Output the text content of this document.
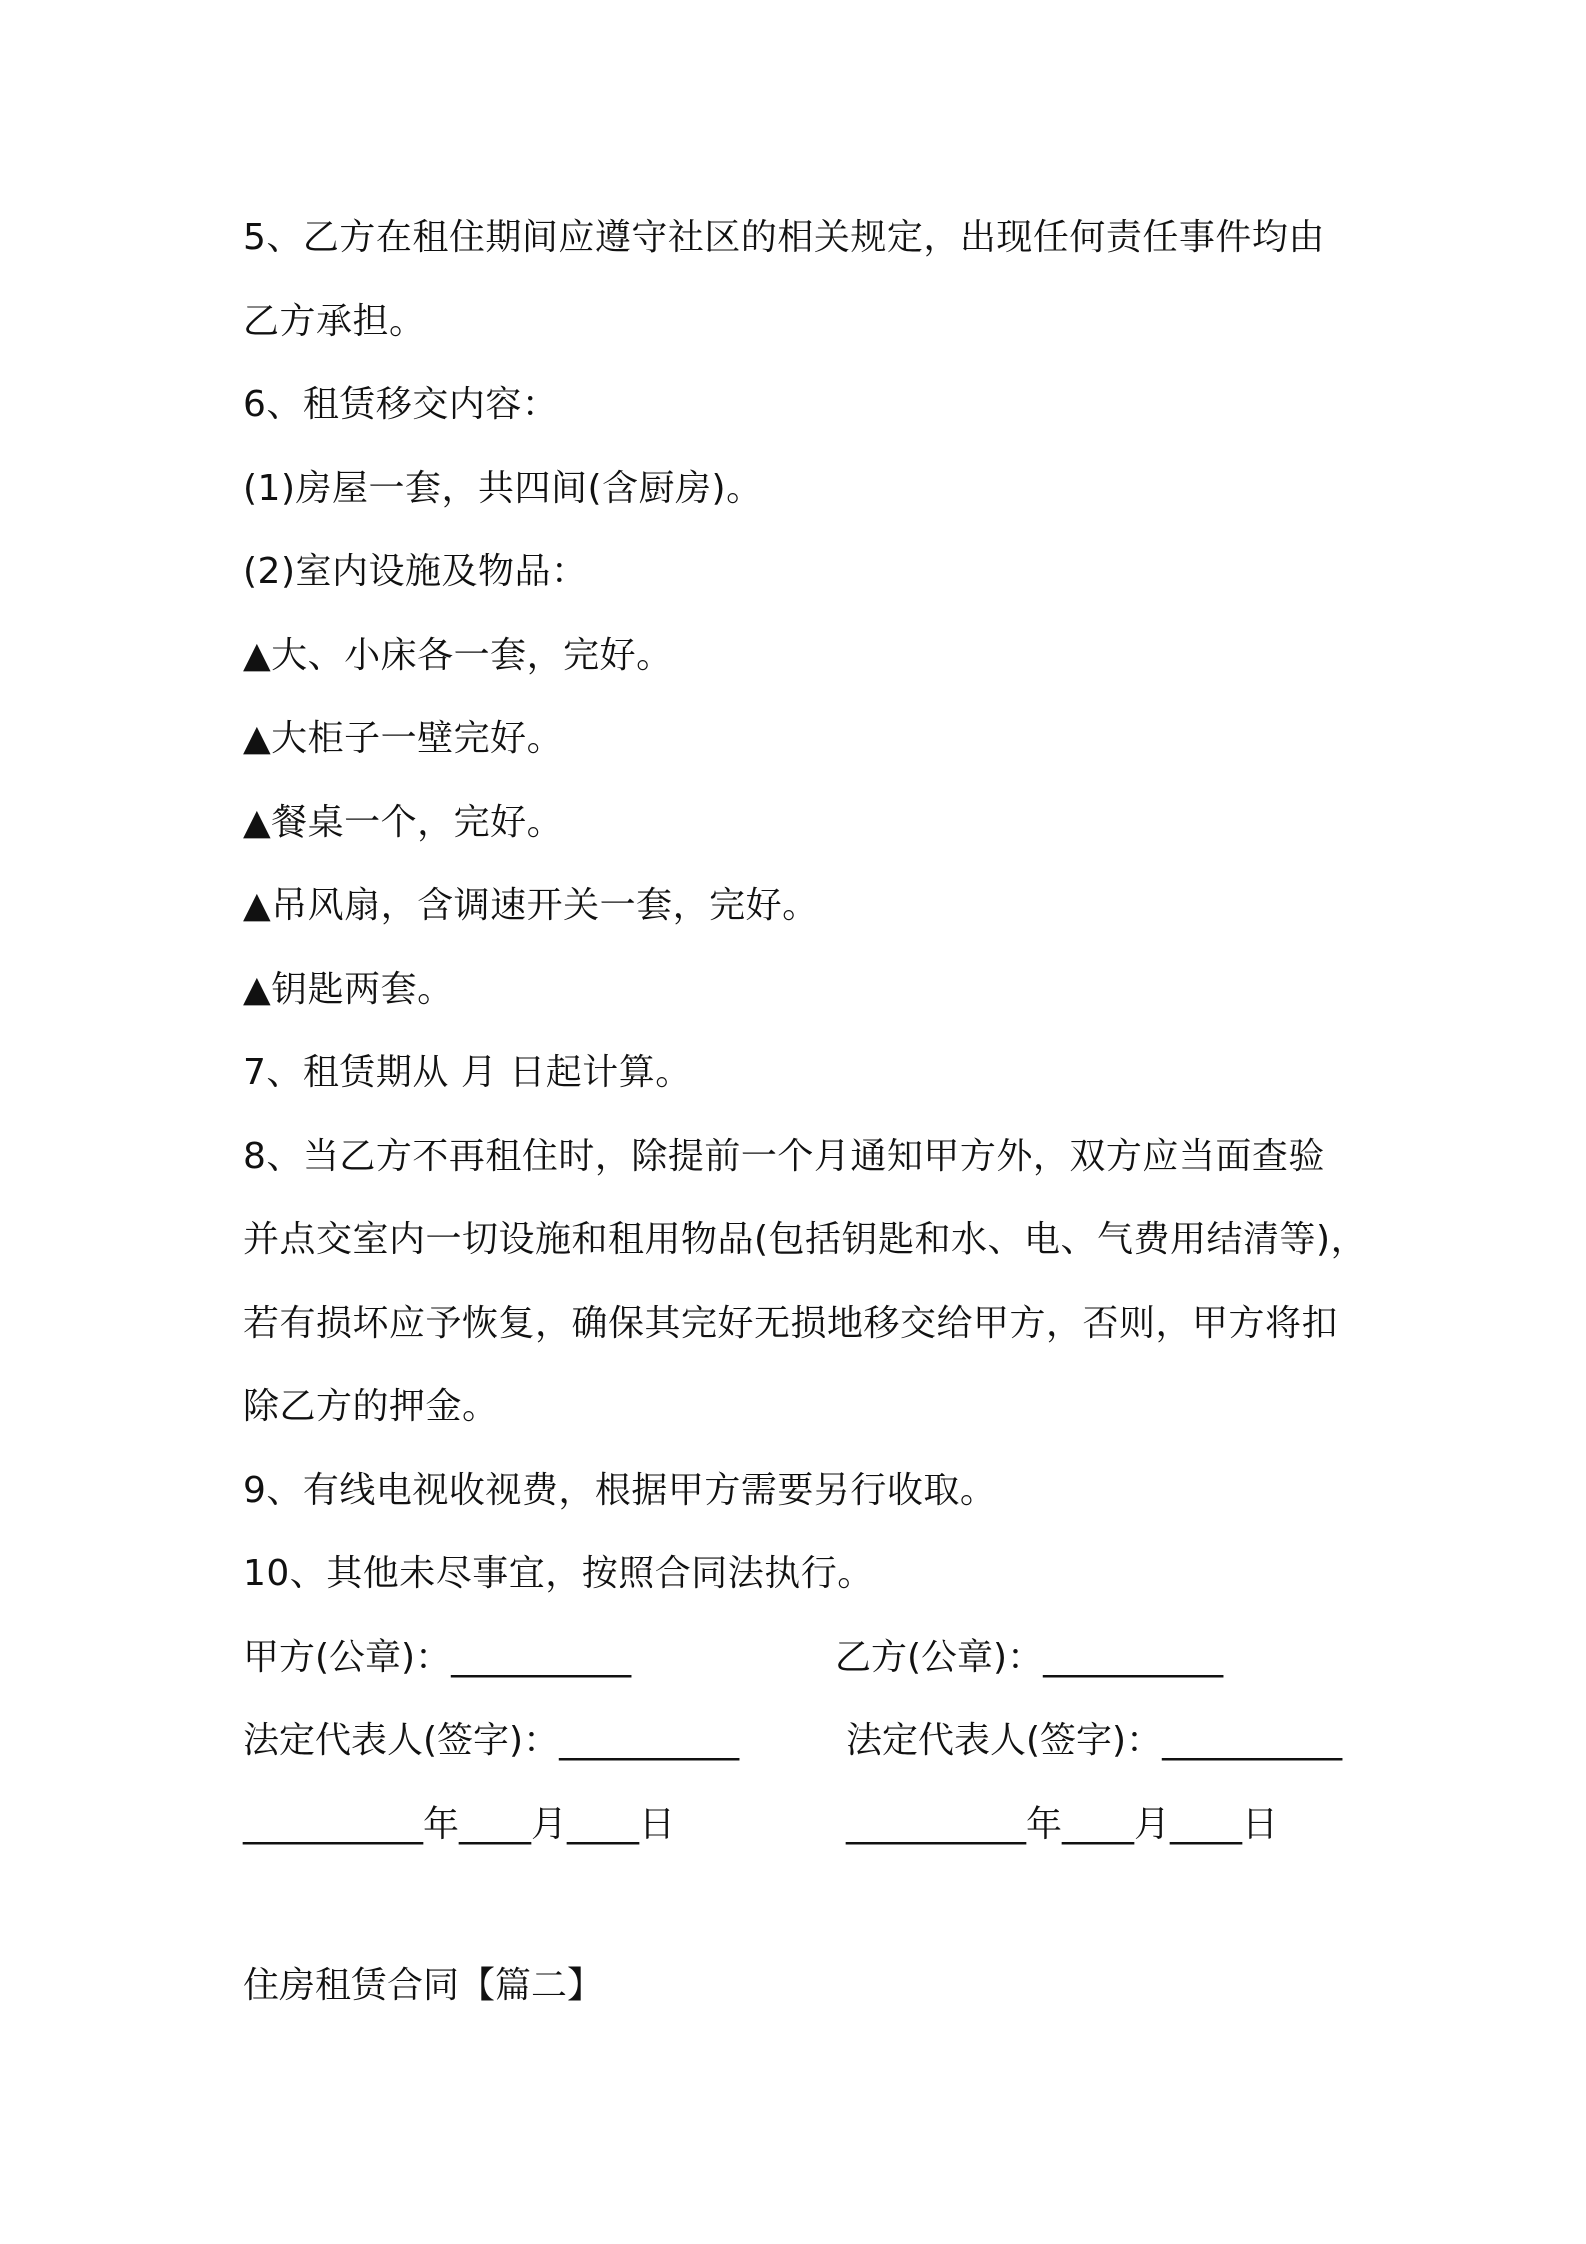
5、乙方在租住期间应遵守社区的相关规定，出现任何责任事件均由
乙方承担。
6、租赁移交内容：
(1)房屋一套，共四间(含厨房)。
(2)室内设施及物品：
▲大、小床各一套，完好。
▲大柜子一壁完好。
▲餐桌一个，完好。
▲吊风扇，含调速开关一套，完好。
▲钥匙两套。
7、租赁期从 月 日起计算。
8、当乙方不再租住时，除提前一个月通知甲方外，双方应当面查验
并点交室内一切设施和租用物品(包括钥匙和水、电、气费用结清等)，
若有损坏应予恢复，确保其完好无损地移交给甲方，否则，甲方将扣
除乙方的押金。
9、有线电视收视费，根据甲方需要另行收取。
10、其他未尽事宜，按照合同法执行。
甲方(公章)：__________	乙方(公章)：__________
法定代表人(签字)：__________	法定代表人(签字)：__________
__________年____月____日	__________年____月____日
住房租赁合同【篇二】
